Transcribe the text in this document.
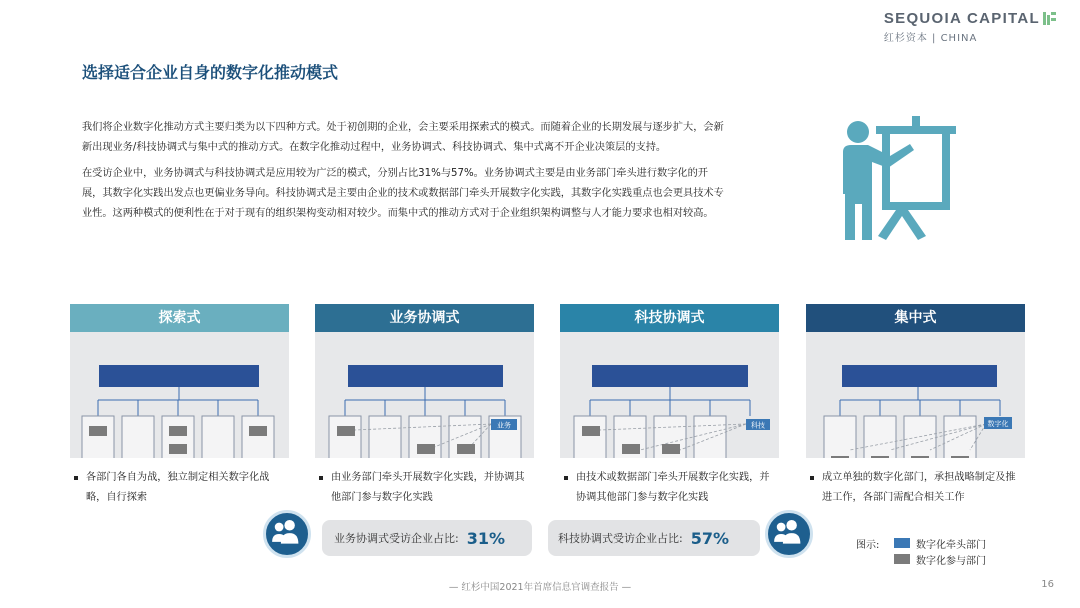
SEQUOIA CAPITAL
红杉资本 | CHINA
选择适合企业自身的数字化推动模式

我们将企业数字化推动方式主要归类为以下四种方式。处于初创期的企业，会主要采用探索式的模式。而随着企业的长期发展与逐步扩大，会新新出现业务/科技协调式与集中式的推动方式。在数字化推动过程中，业务协调式、科技协调式、集中式离不开企业决策层的支持。

在受访企业中，业务协调式与科技协调式是应用较为广泛的模式，分别占比31%与57%。业务协调式主要是由业务部门牵头进行数字化的开展，其数字化实践出发点也更偏业务导向。科技协调式是主要由企业的技术或数据部门牵头开展数字化实践，其数字化实践重点也会更具技术专业性。这两种模式的便利性在于对于现有的组织架构变动相对较少。而集中式的推动方式对于企业组织架构调整与人才能力要求也相对较高。

探索式
各部门各自为战，独立制定相关数字化战略，自行探索
业务协调式
业务
由业务部门牵头开展数字化实践，并协调其他部门参与数字化实践
科技协调式
科技
由技术或数据部门牵头开展数字化实践，并协调其他部门参与数字化实践
集中式
数字化
成立单独的数字化部门，承担战略制定及推进工作，各部门需配合相关工作
业务协调式受访企业占比: 31%	科技协调式受访企业占比: 57%	图示:	数字化牵头部门
数字化参与部门
— 红杉中国2021年首席信息官调查报告 —	16
